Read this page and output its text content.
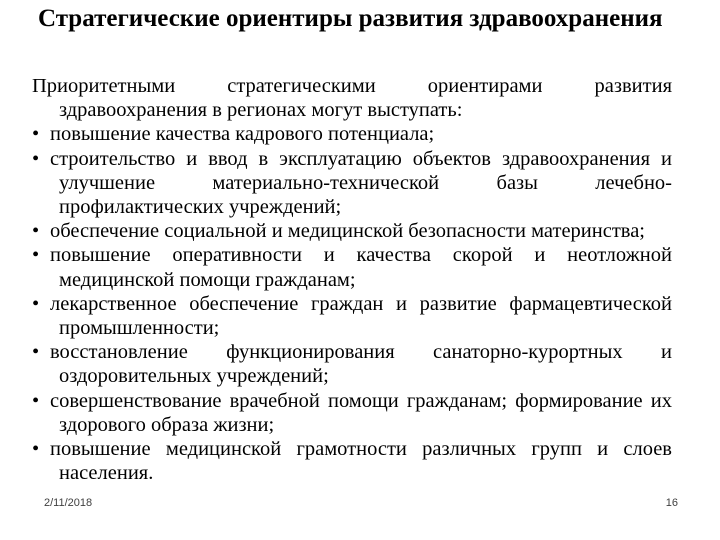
Стратегические ориентиры развития здравоохранения

Приоритетными стратегическими ориентирами развития здравоохранения в регионах могут выступать:

• повышение качества кадрового потенциала;

• строительство и ввод в эксплуатацию объектов здравоохранения и улучшение материально-технической базы лечебно-профилактических учреждений;

• обеспечение социальной и медицинской безопасности материнства;

• повышение оперативности и качества скорой и неотложной медицинской помощи гражданам;

• лекарственное обеспечение граждан и развитие фармацевтической промышленности;

• восстановление функционирования санаторно-курортных и оздоровительных учреждений;

• совершенствование врачебной помощи гражданам; формирование их здорового образа жизни;

• повышение медицинской грамотности различных групп и слоев населения.

2/11/2018	16
